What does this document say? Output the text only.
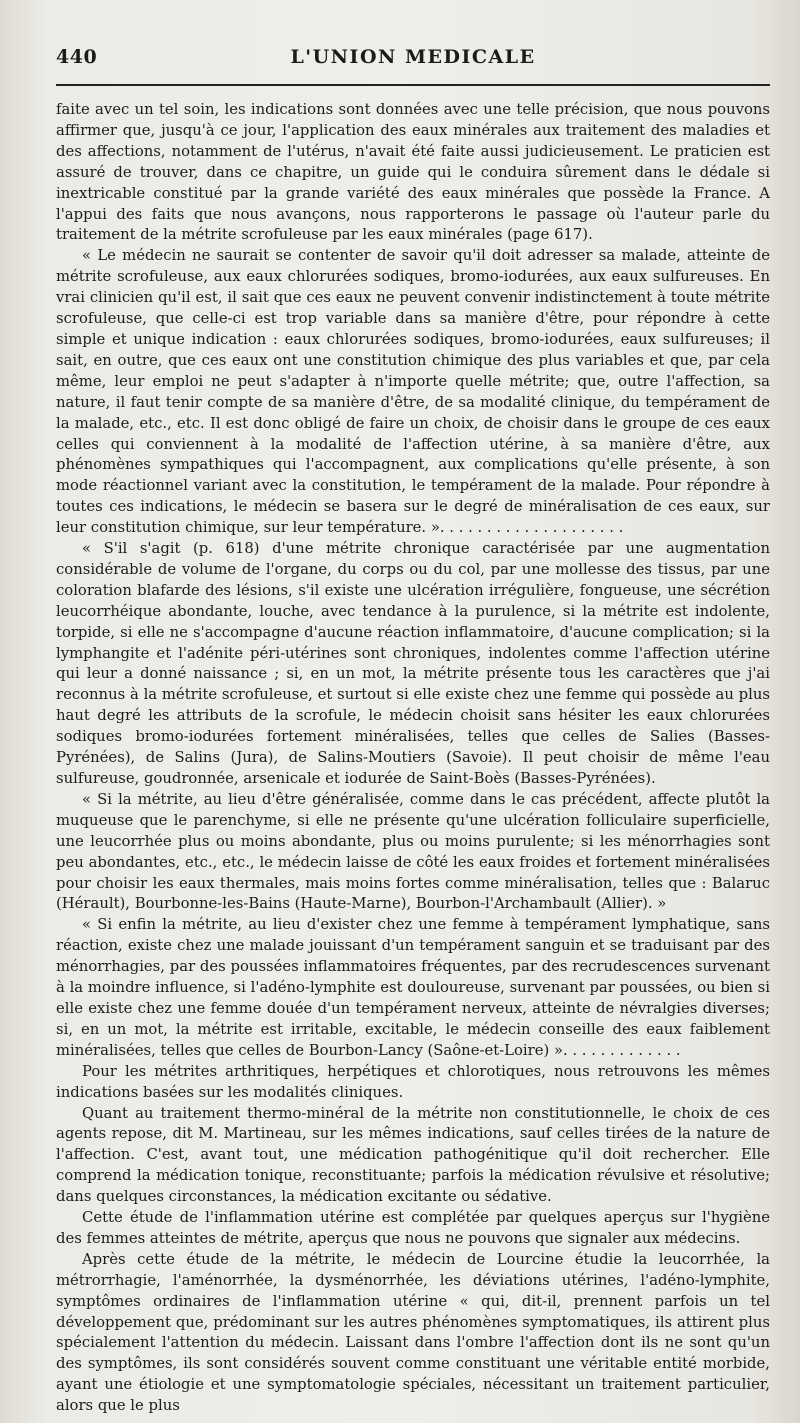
440	L'UNION MEDICALE

faite avec un tel soin, les indications sont données avec une telle précision, que nous pouvons affirmer que, jusqu'à ce jour, l'application des eaux minérales aux traitement des maladies et des affections, notamment de l'utérus, n'avait été faite aussi judicieusement. Le praticien est assuré de trouver, dans ce chapitre, un guide qui le conduira sûrement dans le dédale si inextricable constitué par la grande variété des eaux minérales que possède la France. A l'appui des faits que nous avançons, nous rapporterons le passage où l'auteur parle du traitement de la métrite scrofuleuse par les eaux minérales (page 617).

« Le médecin ne saurait se contenter de savoir qu'il doit adresser sa malade, atteinte de métrite scrofuleuse, aux eaux chlorurées sodiques, bromo-iodurées, aux eaux sulfureuses. En vrai clinicien qu'il est, il sait que ces eaux ne peuvent convenir indistinctement à toute métrite scrofuleuse, que celle-ci est trop variable dans sa manière d'être, pour répondre à cette simple et unique indication : eaux chlorurées sodiques, bromo-iodurées, eaux sulfureuses; il sait, en outre, que ces eaux ont une constitution chimique des plus variables et que, par cela même, leur emploi ne peut s'adapter à n'importe quelle métrite; que, outre l'affection, sa nature, il faut tenir compte de sa manière d'être, de sa modalité clinique, du tempérament de la malade, etc., etc. Il est donc obligé de faire un choix, de choisir dans le groupe de ces eaux celles qui conviennent à la modalité de l'affection utérine, à sa manière d'être, aux phénomènes sympathiques qui l'accompagnent, aux complications qu'elle présente, à son mode réactionnel variant avec la constitution, le tempérament de la malade. Pour répondre à toutes ces indications, le médecin se basera sur le degré de minéralisation de ces eaux, sur leur constitution chimique, sur leur température. ». . . . . . . . . . . . . . . . . . . .

« S'il s'agit (p. 618) d'une métrite chronique caractérisée par une augmentation considérable de volume de l'organe, du corps ou du col, par une mollesse des tissus, par une coloration blafarde des lésions, s'il existe une ulcération irrégulière, fongueuse, une sécrétion leucorrhéique abondante, louche, avec tendance à la purulence, si la métrite est indolente, torpide, si elle ne s'accompagne d'aucune réaction inflammatoire, d'aucune complication; si la lymphangite et l'adénite péri-utérines sont chroniques, indolentes comme l'affection utérine qui leur a donné naissance ; si, en un mot, la métrite présente tous les caractères que j'ai reconnus à la métrite scrofuleuse, et surtout si elle existe chez une femme qui possède au plus haut degré les attributs de la scrofule, le médecin choisit sans hésiter les eaux chlorurées sodiques bromo-iodurées fortement minéralisées, telles que celles de Salies (Basses-Pyrénées), de Salins (Jura), de Salins-Moutiers (Savoie). Il peut choisir de même l'eau sulfureuse, goudronnée, arsenicale et iodurée de Saint-Boès (Basses-Pyrénées).

« Si la métrite, au lieu d'être généralisée, comme dans le cas précédent, affecte plutôt la muqueuse que le parenchyme, si elle ne présente qu'une ulcération folliculaire superficielle, une leucorrhée plus ou moins abondante, plus ou moins purulente; si les ménorrhagies sont peu abondantes, etc., etc., le médecin laisse de côté les eaux froides et fortement minéralisées pour choisir les eaux thermales, mais moins fortes comme minéralisation, telles que : Balaruc (Hérault), Bourbonne-les-Bains (Haute-Marne), Bourbon-l'Archambault (Allier). »

« Si enfin la métrite, au lieu d'exister chez une femme à tempérament lymphatique, sans réaction, existe chez une malade jouissant d'un tempérament sanguin et se traduisant par des ménorrhagies, par des poussées inflammatoires fréquentes, par des recrudescences survenant à la moindre influence, si l'adéno-lymphite est douloureuse, survenant par poussées, ou bien si elle existe chez une femme douée d'un tempérament nerveux, atteinte de névralgies diverses; si, en un mot, la métrite est irritable, excitable, le médecin conseille des eaux faiblement minéralisées, telles que celles de Bourbon-Lancy (Saône-et-Loire) ». . . . . . . . . . . . .

Pour les métrites arthritiques, herpétiques et chlorotiques, nous retrouvons les mêmes indications basées sur les modalités cliniques.

Quant au traitement thermo-minéral de la métrite non constitutionnelle, le choix de ces agents repose, dit M. Martineau, sur les mêmes indications, sauf celles tirées de la nature de l'affection. C'est, avant tout, une médication pathogénitique qu'il doit rechercher. Elle comprend la médication tonique, reconstituante; parfois la médication révulsive et résolutive; dans quelques circonstances, la médication excitante ou sédative.

Cette étude de l'inflammation utérine est complétée par quelques aperçus sur l'hygiène des femmes atteintes de métrite, aperçus que nous ne pouvons que signaler aux médecins.

Après cette étude de la métrite, le médecin de Lourcine étudie la leucorrhée, la métrorrhagie, l'aménorrhée, la dysménorrhée, les déviations utérines, l'adéno-lymphite, symptômes ordinaires de l'inflammation utérine « qui, dit-il, prennent parfois un tel développement que, prédominant sur les autres phénomènes symptomatiques, ils attirent plus spécialement l'attention du médecin. Laissant dans l'ombre l'affection dont ils ne sont qu'un des symptômes, ils sont considérés souvent comme constituant une véritable entité morbide, ayant une étiologie et une symptomatologie spéciales, nécessitant un traitement particulier, alors que le plus
